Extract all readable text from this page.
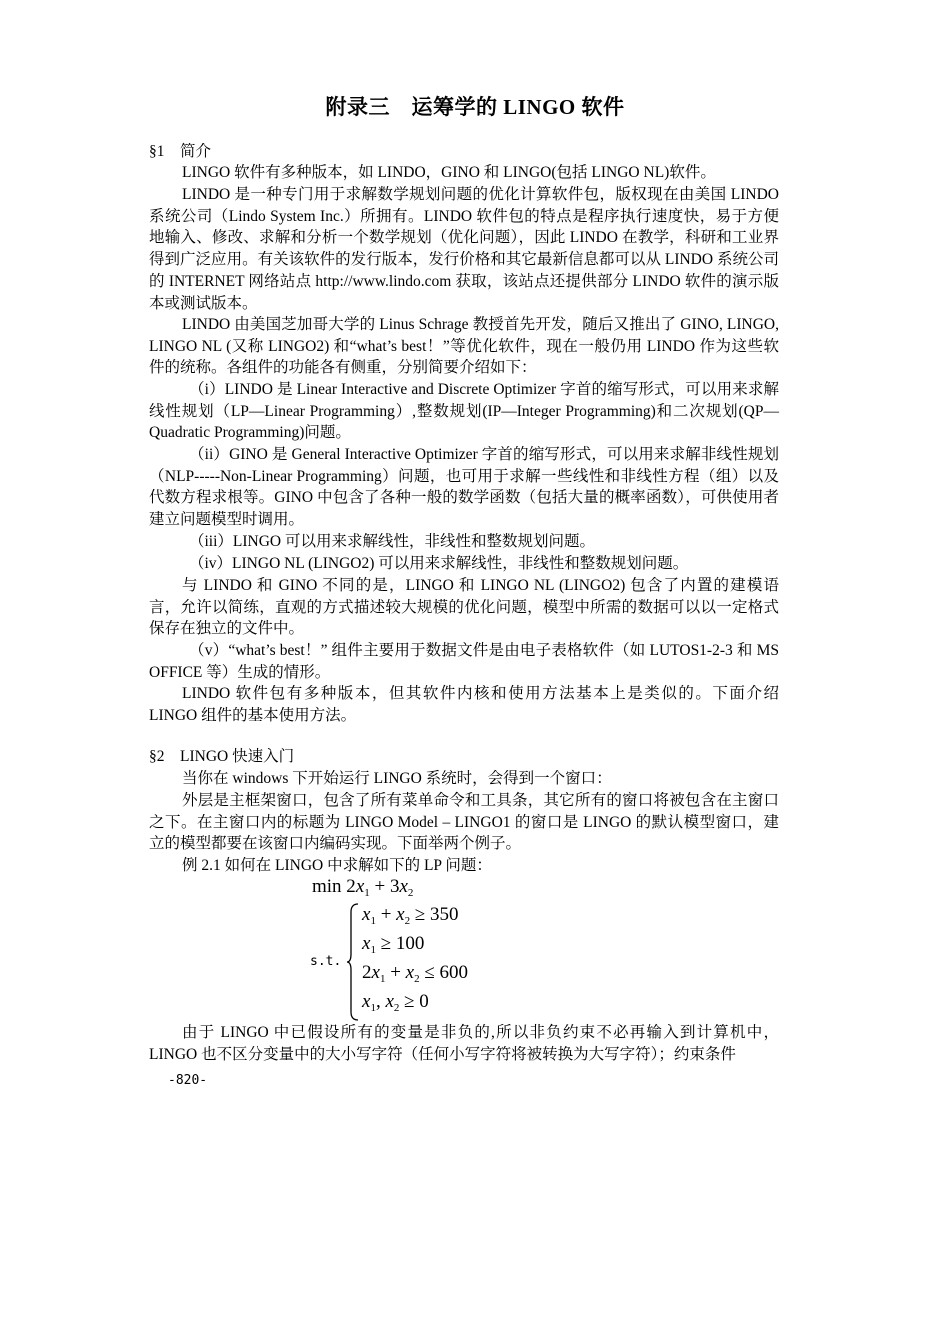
附录三　运筹学的 LINGO 软件
§1　简介

LINGO 软件有多种版本，如 LINDO，GINO 和 LINGO(包括 LINGO NL)软件。

LINDO 是一种专门用于求解数学规划问题的优化计算软件包，版权现在由美国 LINDO 系统公司（Lindo System Inc.）所拥有。LINDO 软件包的特点是程序执行速度快，易于方便地输入、修改、求解和分析一个数学规划（优化问题），因此 LINDO 在教学，科研和工业界得到广泛应用。有关该软件的发行版本，发行价格和其它最新信息都可以从 LINDO 系统公司的 INTERNET 网络站点 http://www.lindo.com 获取，该站点还提供部分 LINDO 软件的演示版本或测试版本。

LINDO 由美国芝加哥大学的 Linus Schrage 教授首先开发，随后又推出了 GINO, LINGO, LINGO NL (又称 LINGO2) 和“what’s best！”等优化软件，现在一般仍用 LINDO 作为这些软件的统称。各组件的功能各有侧重，分别简要介绍如下：

（i）LINDO 是 Linear Interactive and Discrete Optimizer 字首的缩写形式，可以用来求解线性规划（LP—Linear Programming）,整数规划(IP—Integer Programming)和二次规划(QP—Quadratic Programming)问题。

（ii）GINO 是 General Interactive Optimizer 字首的缩写形式，可以用来求解非线性规划（NLP-----Non-Linear Programming）问题，也可用于求解一些线性和非线性方程（组）以及代数方程求根等。GINO 中包含了各种一般的数学函数（包括大量的概率函数），可供使用者建立问题模型时调用。

（iii）LINGO 可以用来求解线性，非线性和整数规划问题。

（iv）LINGO NL (LINGO2) 可以用来求解线性，非线性和整数规划问题。

与 LINDO 和 GINO 不同的是，LINGO 和 LINGO NL (LINGO2) 包含了内置的建模语言，允许以简练，直观的方式描述较大规模的优化问题，模型中所需的数据可以以一定格式保存在独立的文件中。

（v）“what’s best！” 组件主要用于数据文件是由电子表格软件（如 LUTOS1-2-3 和 MS OFFICE 等）生成的情形。

LINDO 软件包有多种版本，但其软件内核和使用方法基本上是类似的。下面介绍 LINGO 组件的基本使用方法。

§2　LINGO 快速入门

当你在 windows 下开始运行 LINGO 系统时，会得到一个窗口：

外层是主框架窗口，包含了所有菜单命令和工具条，其它所有的窗口将被包含在主窗口之下。在主窗口内的标题为 LINGO Model – LINGO1 的窗口是 LINGO 的默认模型窗口，建立的模型都要在该窗口内编码实现。下面举两个例子。

例 2.1 如何在 LINGO 中求解如下的 LP 问题：

$\min 2x_1 + 3x_2$
s.t.
$x_1 + x_2 \ge 350$
$x_1 \ge 100$
$2x_1 + x_2 \le 600$
$x_1$, $x_2 \ge 0$

由于 LINGO 中已假设所有的变量是非负的,所以非负约束不必再输入到计算机中，LINGO 也不区分变量中的大小写字符（任何小写字符将被转换为大写字符）；约束条件

-820-
